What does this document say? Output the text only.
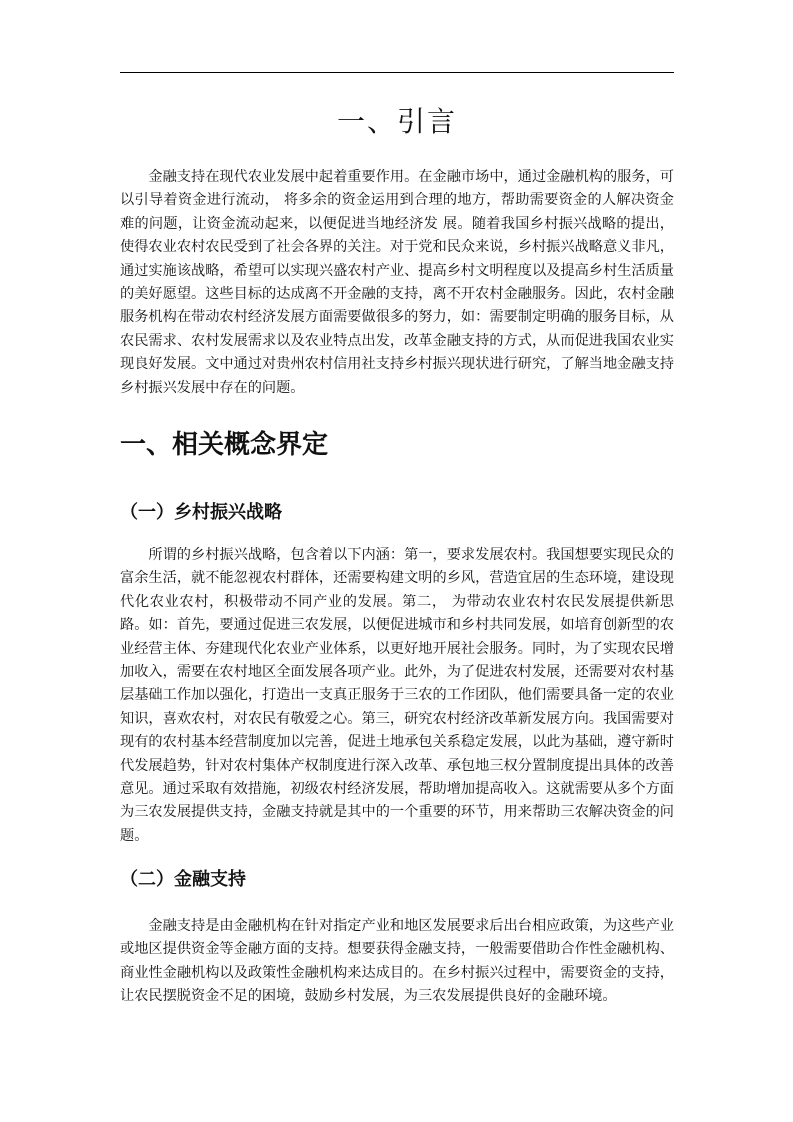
一、引言

金融支持在现代农业发展中起着重要作用。在金融市场中，通过金融机构的服务，可以引导着资金进行流动， 将多余的资金运用到合理的地方，帮助需要资金的人解决资金难的问题，让资金流动起来，以便促进当地经济发 展。随着我国乡村振兴战略的提出，使得农业农村农民受到了社会各界的关注。对于党和民众来说，乡村振兴战略意义非凡，通过实施该战略，希望可以实现兴盛农村产业、提高乡村文明程度以及提高乡村生活质量的美好愿望。这些目标的达成离不开金融的支持，离不开农村金融服务。因此，农村金融服务机构在带动农村经济发展方面需要做很多的努力，如：需要制定明确的服务目标，从农民需求、农村发展需求以及农业特点出发，改革金融支持的方式，从而促进我国农业实现良好发展。文中通过对贵州农村信用社支持乡村振兴现状进行研究，了解当地金融支持乡村振兴发展中存在的问题。

一、相关概念界定
（一）乡村振兴战略

所谓的乡村振兴战略，包含着以下内涵：第一，要求发展农村。我国想要实现民众的富余生活，就不能忽视农村群体，还需要构建文明的乡风，营造宜居的生态环境，建设现代化农业农村，积极带动不同产业的发展。第二， 为带动农业农村农民发展提供新思路。如：首先，要通过促进三农发展，以便促进城市和乡村共同发展，如培育创新型的农业经营主体、夯建现代化农业产业体系，以更好地开展社会服务。同时，为了实现农民增加收入，需要在农村地区全面发展各项产业。此外，为了促进农村发展，还需要对农村基层基础工作加以强化，打造出一支真正服务于三农的工作团队，他们需要具备一定的农业知识，喜欢农村，对农民有敬爱之心。第三，研究农村经济改革新发展方向。我国需要对现有的农村基本经营制度加以完善，促进土地承包关系稳定发展，以此为基础，遵守新时代发展趋势，针对农村集体产权制度进行深入改革、承包地三权分置制度提出具体的改善意见。通过采取有效措施，初级农村经济发展，帮助增加提高收入。这就需要从多个方面为三农发展提供支持，金融支持就是其中的一个重要的环节，用来帮助三农解决资金的问题。

（二）金融支持

金融支持是由金融机构在针对指定产业和地区发展要求后出台相应政策，为这些产业或地区提供资金等金融方面的支持。想要获得金融支持，一般需要借助合作性金融机构、商业性金融机构以及政策性金融机构来达成目的。在乡村振兴过程中，需要资金的支持，让农民摆脱资金不足的困境，鼓励乡村发展，为三农发展提供良好的金融环境。
